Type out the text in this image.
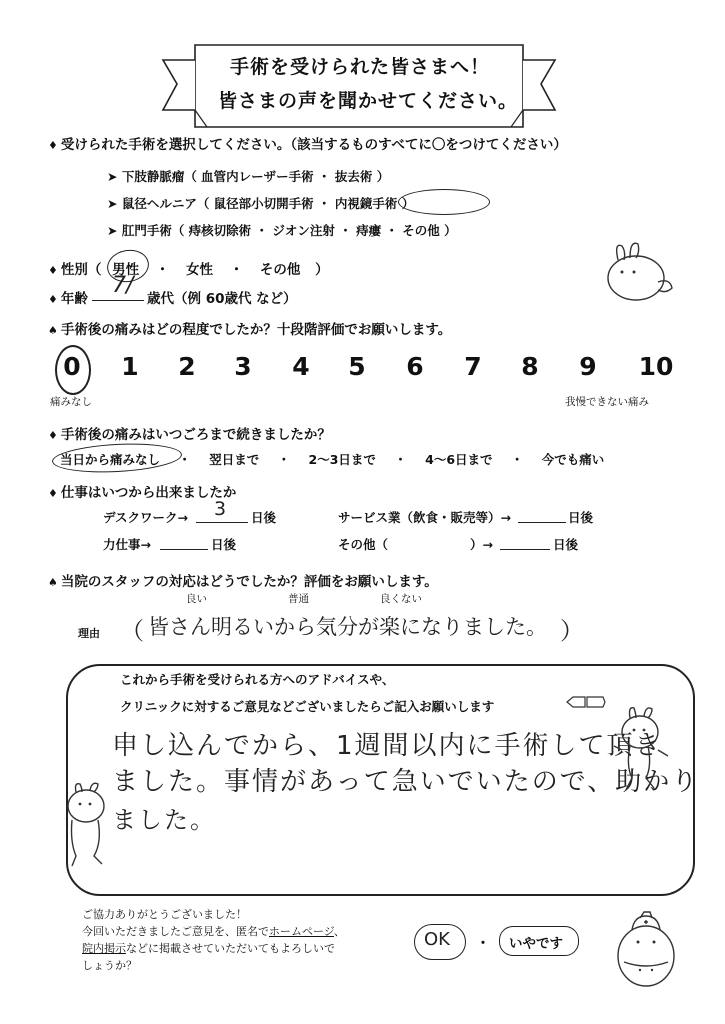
手術を受けられた皆さまへ！
皆さまの声を聞かせてください。
♦ 受けられた手術を選択してください。（該当するものすべてに〇をつけてください）
➤ 下肢静脈瘤（ 血管内レーザー手術 ・ 抜去術 ）
➤ 鼠径ヘルニア（ 鼠径部小切開手術 ・ 内視鏡手術 ）
➤ 肛門手術（ 痔核切除術 ・ ジオン注射 ・ 痔瘻 ・ その他 ）
♦ 性別（ 男性 ・ 女性 ・ その他 ）
♦ 年齢
7/
歳代（例 60歳代 など）
♠ 手術後の痛みはどの程度でしたか？十段階評価でお願いします。
0 1 2 3 4 5 6 7 8 9 10
痛みなし	我慢できない痛み
♦ 手術後の痛みはいつごろまで続きましたか？
当日から痛みなし ・ 翌日まで ・ 2～3日まで ・ 4～6日まで ・ 今でも痛い
♦ 仕事はいつから出来ましたか
デスクワーク→ 3 日後	サービス業（飲食・販売等）→	日後
力仕事→	日後	その他（	）→	日後
♠ 当院のスタッフの対応はどうでしたか？評価をお願いします。
良い	普通	良くない
理由 （ 皆さん明るいから気分が楽になりました。 ）
これから手術を受けられる方へのアドバイスや、
クリニックに対するご意見などございましたらご記入お願いします
申し込んでから、1週間以内に手術して頂き
ました。事情があって急いでいたので、助かり
ました。
ご協力ありがとうございました！
今回いただきましたご意見を、匿名でホームページ、
院内掲示などに掲載させていただいてもよろしいで
しょうか？
OK ・ いやです
